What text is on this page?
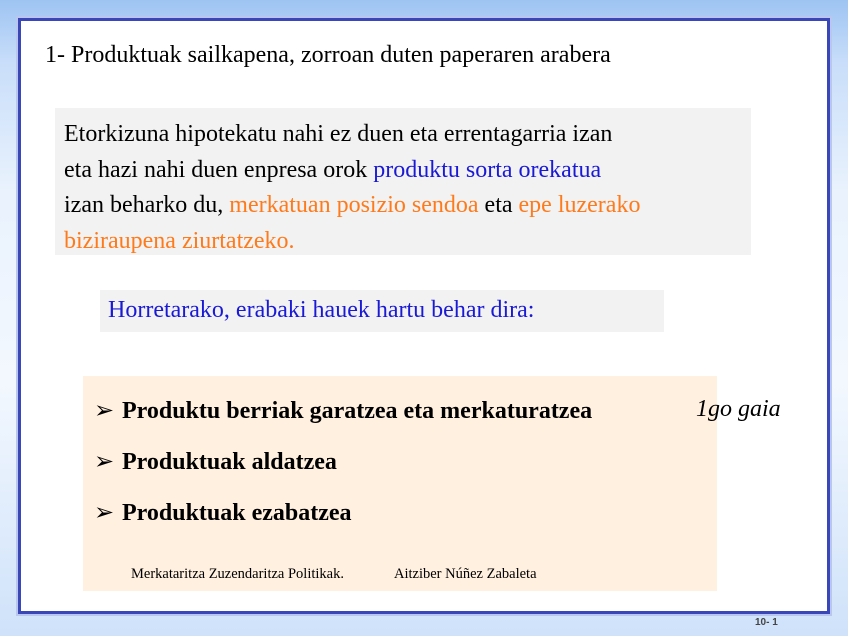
1- Produktuak sailkapena, zorroan duten paperaren arabera
Etorkizuna hipotekatu nahi ez duen eta errentagarria izan
eta hazi nahi duen enpresa orok produktu sorta orekatua
izan beharko du, merkatuan posizio sendoa eta epe luzerako
biziraupena ziurtatzeko.
Horretarako, erabaki hauek hartu behar dira:
➢ Produktu berriak garatzea eta merkaturatzea	1go gaia
➢ Produktuak aldatzea
➢ Produktuak ezabatzea
Merkataritza Zuzendaritza Politikak.	Aitziber Núñez Zabaleta
10- 1
